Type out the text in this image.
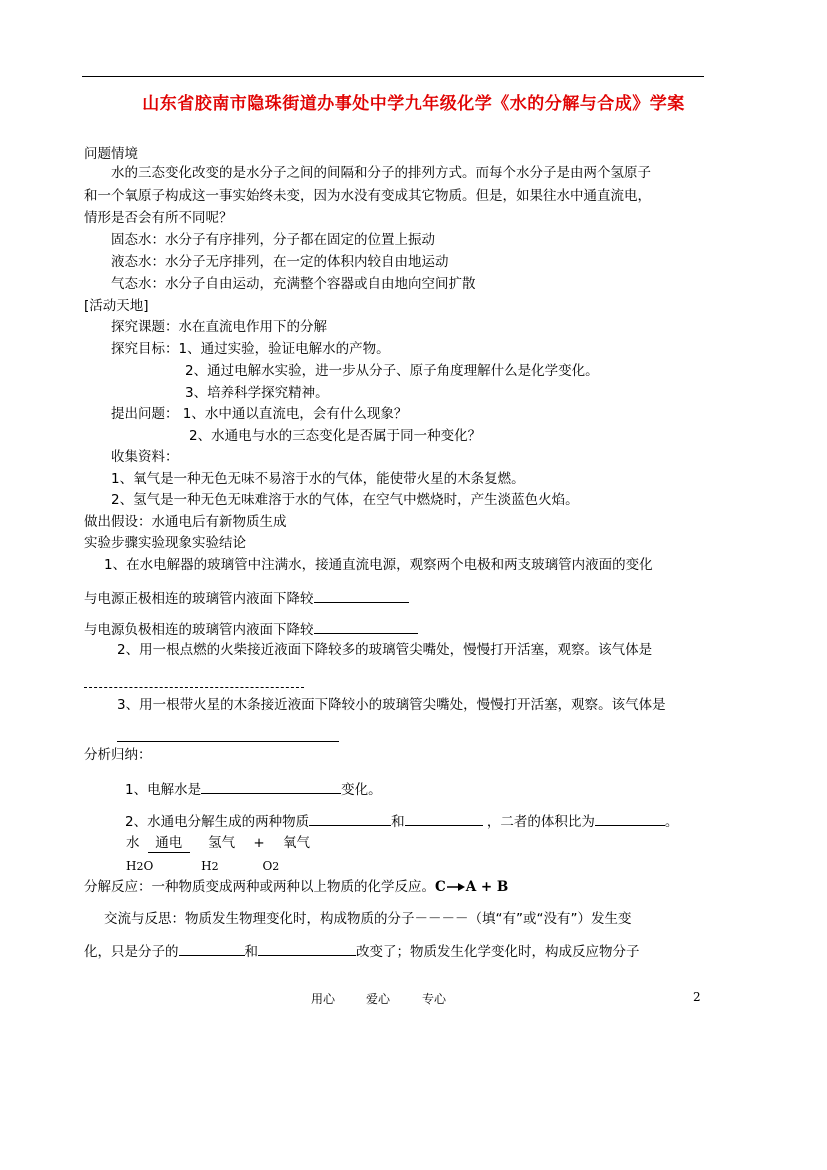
山东省胶南市隐珠街道办事处中学九年级化学《水的分解与合成》学案
问题情境
水的三态变化改变的是水分子之间的间隔和分子的排列方式。而每个水分子是由两个氢原子
和一个氧原子构成这一事实始终未变，因为水没有变成其它物质。但是，如果往水中通直流电，
情形是否会有所不同呢？
固态水：水分子有序排列，分子都在固定的位置上振动
液态水：水分子无序排列，在一定的体积内较自由地运动
气态水：水分子自由运动，充满整个容器或自由地向空间扩散
[活动天地]
探究课题：水在直流电作用下的分解
探究目标：1、通过实验，验证电解水的产物。
2、通过电解水实验，进一步从分子、原子角度理解什么是化学变化。
3、培养科学探究精神。
提出问题： 1、水中通以直流电，会有什么现象？
2、水通电与水的三态变化是否属于同一种变化？
收集资料：
1、氧气是一种无色无味不易溶于水的气体，能使带火星的木条复燃。
2、氢气是一种无色无味难溶于水的气体，在空气中燃烧时，产生淡蓝色火焰。
做出假设：水通电后有新物质生成
实验步骤实验现象实验结论
1、在水电解器的玻璃管中注满水，接通直流电源，观察两个电极和两支玻璃管内液面的变化
与电源正极相连的玻璃管内液面下降较
与电源负极相连的玻璃管内液面下降较
2、用一根点燃的火柴接近液面下降较多的玻璃管尖嘴处，慢慢打开活塞，观察。该气体是
3、用一根带火星的木条接近液面下降较小的玻璃管尖嘴处，慢慢打开活塞，观察。该气体是
分析归纳：
1、电解水是	变化。
2、水通电分解生成的两种物质	和	，二者的体积比为	。
水 通电 氢气 + 氧气
H2O	H2	O2
分解反应：一种物质变成两种或两种以上物质的化学反应。C A + B
交流与反思：物质发生物理变化时，构成物质的分子－－－－（填“有”或“没有”）发生变
化，只是分子的	和	改变了；物质发生化学变化时，构成反应物分子
用心	爱心	专心	2
